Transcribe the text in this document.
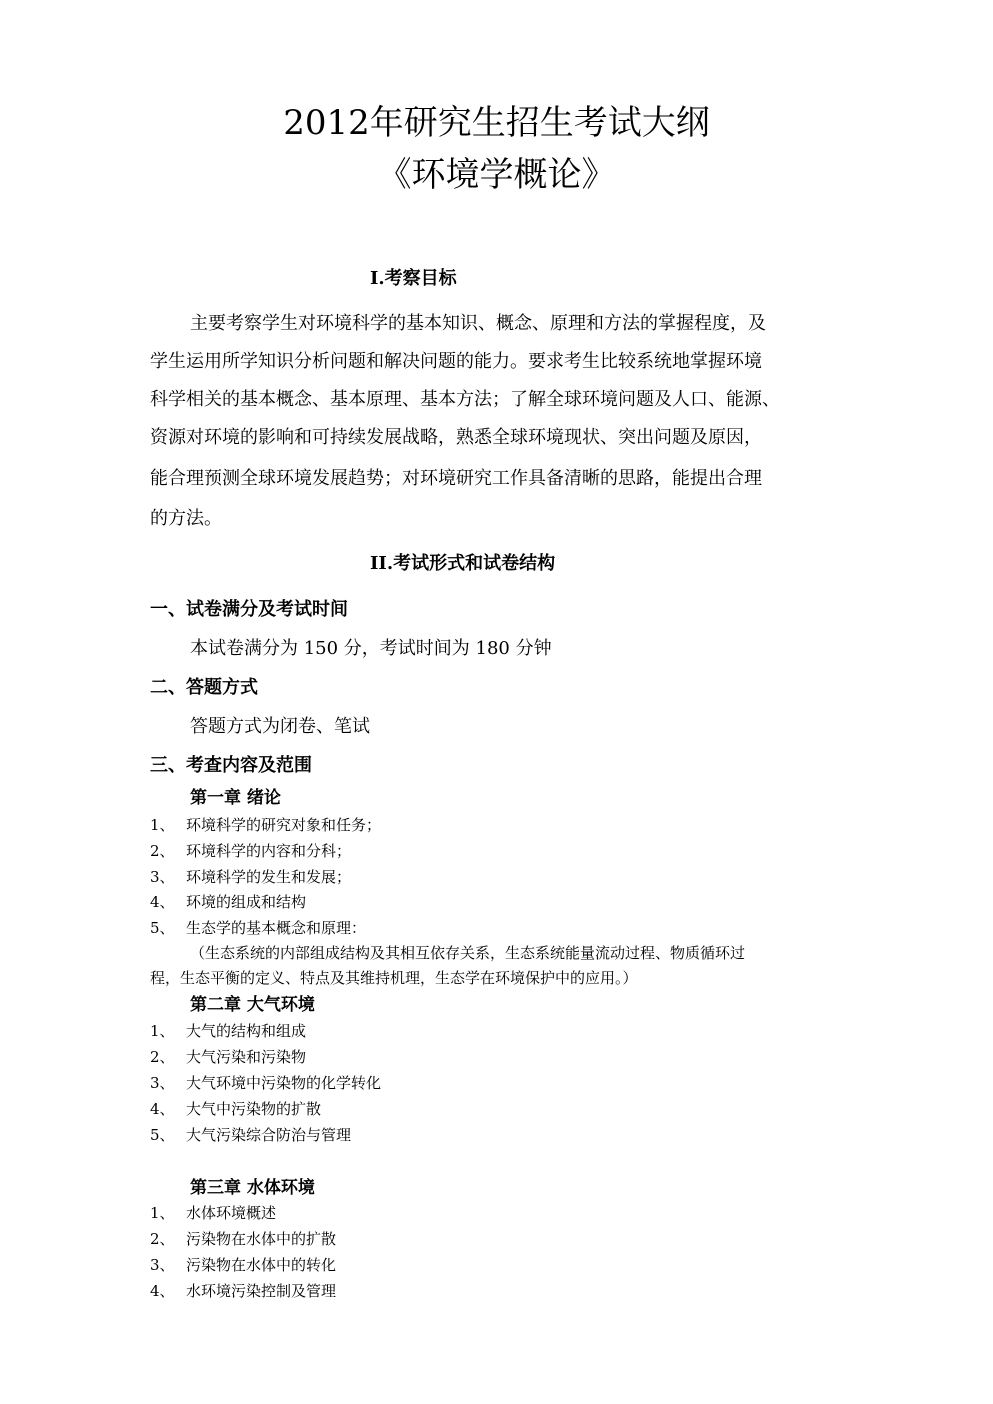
2012年研究生招生考试大纲
《环境学概论》
I.考察目标
主要考察学生对环境科学的基本知识、概念、原理和方法的掌握程度，及
学生运用所学知识分析问题和解决问题的能力。要求考生比较系统地掌握环境
科学相关的基本概念、基本原理、基本方法；了解全球环境问题及人口、能源、
资源对环境的影响和可持续发展战略，熟悉全球环境现状、突出问题及原因，
能合理预测全球环境发展趋势；对环境研究工作具备清晰的思路，能提出合理
的方法。
II.考试形式和试卷结构
一、试卷满分及考试时间
本试卷满分为 150 分，考试时间为 180 分钟
二、答题方式
答题方式为闭卷、笔试
三、考查内容及范围
第一章 绪论
1、 环境科学的研究对象和任务；
2、 环境科学的内容和分科；
3、 环境科学的发生和发展；
4、 环境的组成和结构
5、 生态学的基本概念和原理：
（生态系统的内部组成结构及其相互依存关系，生态系统能量流动过程、物质循环过
程，生态平衡的定义、特点及其维持机理，生态学在环境保护中的应用。）
第二章 大气环境
1、 大气的结构和组成
2、 大气污染和污染物
3、 大气环境中污染物的化学转化
4、 大气中污染物的扩散
5、 大气污染综合防治与管理
第三章 水体环境
1、 水体环境概述
2、 污染物在水体中的扩散
3、 污染物在水体中的转化
4、 水环境污染控制及管理
